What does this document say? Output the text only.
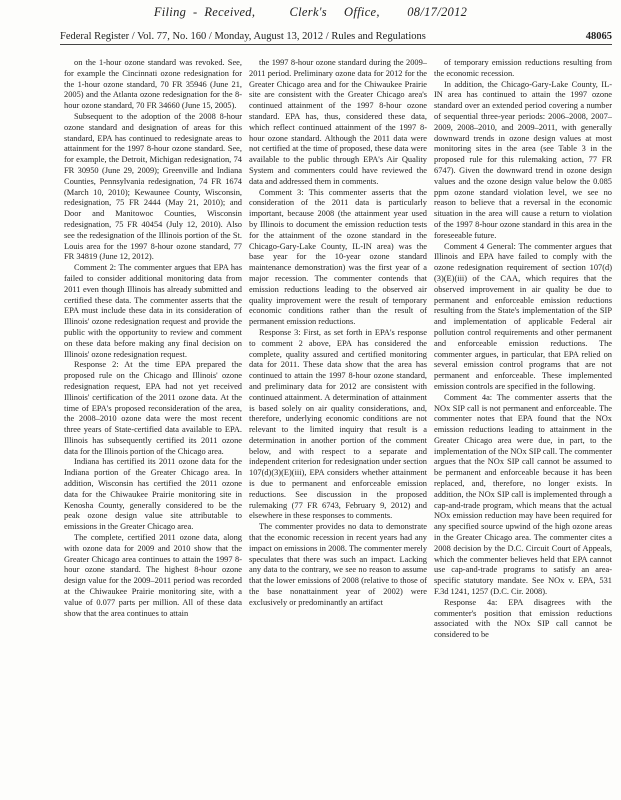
Filing  -  Received,          Clerk's     Office,        08/17/2012
Federal Register / Vol. 77, No. 160 / Monday, August 13, 2012 / Rules and Regulations	48065

on the 1-hour ozone standard was revoked. See, for example the Cincinnati ozone redesignation for the 1-hour ozone standard, 70 FR 35946 (June 21, 2005) and the Atlanta ozone redesignation for the 8-hour ozone standard, 70 FR 34660 (June 15, 2005).

Subsequent to the adoption of the 2008 8-hour ozone standard and designation of areas for this standard, EPA has continued to redesignate areas to attainment for the 1997 8-hour ozone standard. See, for example, the Detroit, Michigan redesignation, 74 FR 30950 (June 29, 2009); Greenville and Indiana Counties, Pennsylvania redesignation, 74 FR 1674 (March 10, 2010); Kewaunee County, Wisconsin, redesignation, 75 FR 2444 (May 21, 2010); and Door and Manitowoc Counties, Wisconsin redesignation, 75 FR 40454 (July 12, 2010). Also see the redesignation of the Illinois portion of the St. Louis area for the 1997 8-hour ozone standard, 77 FR 34819 (June 12, 2012).

Comment 2: The commenter argues that EPA has failed to consider additional monitoring data from 2011 even though Illinois has already submitted and certified these data. The commenter asserts that the EPA must include these data in its consideration of Illinois' ozone redesignation request and provide the public with the opportunity to review and comment on these data before making any final decision on Illinois' ozone redesignation request.

Response 2: At the time EPA prepared the proposed rule on the Chicago and Illinois' ozone redesignation request, EPA had not yet received Illinois' certification of the 2011 ozone data. At the time of EPA's proposed reconsideration of the area, the 2008–2010 ozone data were the most recent three years of State-certified data available to EPA. Illinois has subsequently certified its 2011 ozone data for the Illinois portion of the Chicago area.

Indiana has certified its 2011 ozone data for the Indiana portion of the Greater Chicago area. In addition, Wisconsin has certified the 2011 ozone data for the Chiwaukee Prairie monitoring site in Kenosha County, generally considered to be the peak ozone design value site attributable to emissions in the Greater Chicago area.

The complete, certified 2011 ozone data, along with ozone data for 2009 and 2010 show that the Greater Chicago area continues to attain the 1997 8-hour ozone standard. The highest 8-hour ozone design value for the 2009–2011 period was recorded at the Chiwaukee Prairie monitoring site, with a value of 0.077 parts per million. All of these data show that the area continues to attain

the 1997 8-hour ozone standard during the 2009–2011 period. Preliminary ozone data for 2012 for the Greater Chicago area and for the Chiwaukee Prairie site are consistent with the Greater Chicago area's continued attainment of the 1997 8-hour ozone standard. EPA has, thus, considered these data, which reflect continued attainment of the 1997 8-hour ozone standard. Although the 2011 data were not certified at the time of proposed, these data were available to the public through EPA's Air Quality System and commenters could have reviewed the data and addressed them in comments.

Comment 3: This commenter asserts that the consideration of the 2011 data is particularly important, because 2008 (the attainment year used by Illinois to document the emission reduction tests for the attainment of the ozone standard in the Chicago-Gary-Lake County, IL-IN area) was the base year for the 10-year ozone standard maintenance demonstration) was the first year of a major recession. The commenter contends that emission reductions leading to the observed air quality improvement were the result of temporary economic conditions rather than the result of permanent emission reductions.

Response 3: First, as set forth in EPA's response to comment 2 above, EPA has considered the complete, quality assured and certified monitoring data for 2011. These data show that the area has continued to attain the 1997 8-hour ozone standard, and preliminary data for 2012 are consistent with continued attainment. A determination of attainment is based solely on air quality considerations, and, therefore, underlying economic conditions are not relevant to the limited inquiry that result is a determination in another portion of the comment below, and with respect to a separate and independent criterion for redesignation under section 107(d)(3)(E)(iii), EPA considers whether attainment is due to permanent and enforceable emission reductions. See discussion in the proposed rulemaking (77 FR 6743, February 9, 2012) and elsewhere in these responses to comments.

The commenter provides no data to demonstrate that the economic recession in recent years had any impact on emissions in 2008. The commenter merely speculates that there was such an impact. Lacking any data to the contrary, we see no reason to assume that the lower emissions of 2008 (relative to those of the base nonattainment year of 2002) were exclusively or predominantly an artifact

of temporary emission reductions resulting from the economic recession.

In addition, the Chicago-Gary-Lake County, IL-IN area has continued to attain the 1997 ozone standard over an extended period covering a number of sequential three-year periods: 2006–2008, 2007–2009, 2008–2010, and 2009–2011, with generally downward trends in ozone design values at most monitoring sites in the area (see Table 3 in the proposed rule for this rulemaking action, 77 FR 6747). Given the downward trend in ozone design values and the ozone design value below the 0.085 ppm ozone standard violation level, we see no reason to believe that a reversal in the economic situation in the area will cause a return to violation of the 1997 8-hour ozone standard in this area in the foreseeable future.

Comment 4 General: The commenter argues that Illinois and EPA have failed to comply with the ozone redesignation requirement of section 107(d)(3)(E)(iii) of the CAA, which requires that the observed improvement in air quality be due to permanent and enforceable emission reductions resulting from the State's implementation of the SIP and implementation of applicable Federal air pollution control requirements and other permanent and enforceable emission reductions. The commenter argues, in particular, that EPA relied on several emission control programs that are not permanent and enforceable. These implemented emission controls are specified in the following.

Comment 4a: The commenter asserts that the NOx SIP call is not permanent and enforceable. The commenter notes that EPA found that the NOx emission reductions leading to attainment in the Greater Chicago area were due, in part, to the implementation of the NOx SIP call. The commenter argues that the NOx SIP call cannot be assumed to be permanent and enforceable because it has been replaced, and, therefore, no longer exists. In addition, the NOx SIP call is implemented through a cap-and-trade program, which means that the actual NOx emission reduction may have been required for any specified source upwind of the high ozone areas in the Greater Chicago area. The commenter cites a 2008 decision by the D.C. Circuit Court of Appeals, which the commenter believes held that EPA cannot use cap-and-trade programs to satisfy an area-specific statutory mandate. See NOx v. EPA, 531 F.3d 1241, 1257 (D.C. Cir. 2008).

Response 4a: EPA disagrees with the commenter's position that emission reductions associated with the NOx SIP call cannot be considered to be
